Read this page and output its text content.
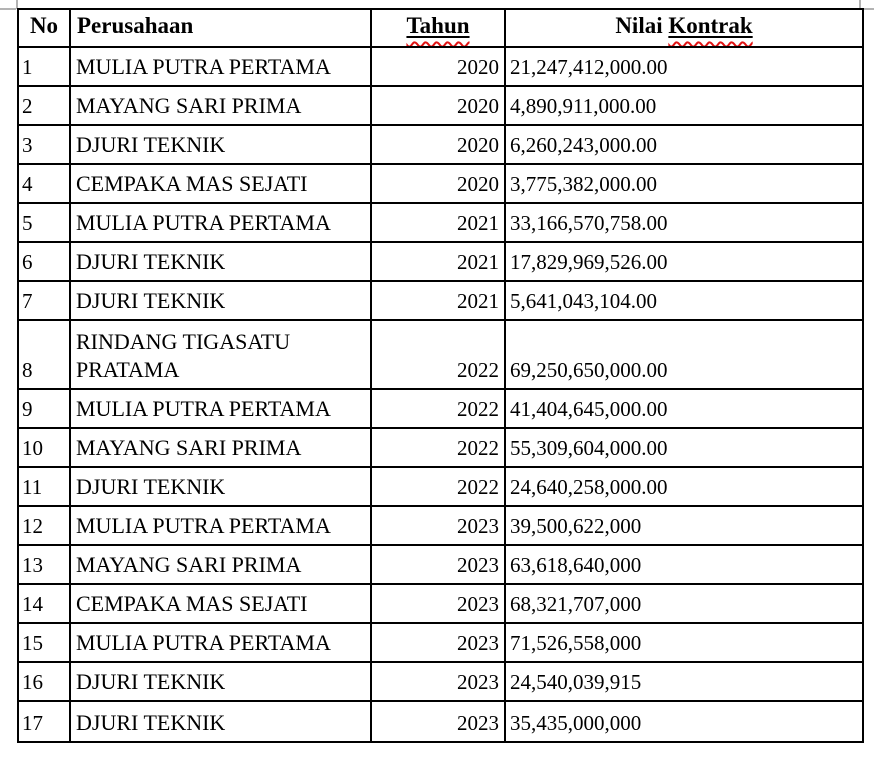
No	Perusahaan	Tahun	Nilai Kontrak
1	MULIA PUTRA PERTAMA	2020	21,247,412,000.00
2	MAYANG SARI PRIMA	2020	4,890,911,000.00
3	DJURI TEKNIK	2020	6,260,243,000.00
4	CEMPAKA MAS SEJATI	2020	3,775,382,000.00
5	MULIA PUTRA PERTAMA	2021	33,166,570,758.00
6	DJURI TEKNIK	2021	17,829,969,526.00
7	DJURI TEKNIK	2021	5,641,043,104.00
8	RINDANG TIGASATU PRATAMA	2022	69,250,650,000.00
9	MULIA PUTRA PERTAMA	2022	41,404,645,000.00
10	MAYANG SARI PRIMA	2022	55,309,604,000.00
11	DJURI TEKNIK	2022	24,640,258,000.00
12	MULIA PUTRA PERTAMA	2023	39,500,622,000
13	MAYANG SARI PRIMA	2023	63,618,640,000
14	CEMPAKA MAS SEJATI	2023	68,321,707,000
15	MULIA PUTRA PERTAMA	2023	71,526,558,000
16	DJURI TEKNIK	2023	24,540,039,915
17	DJURI TEKNIK	2023	35,435,000,000
